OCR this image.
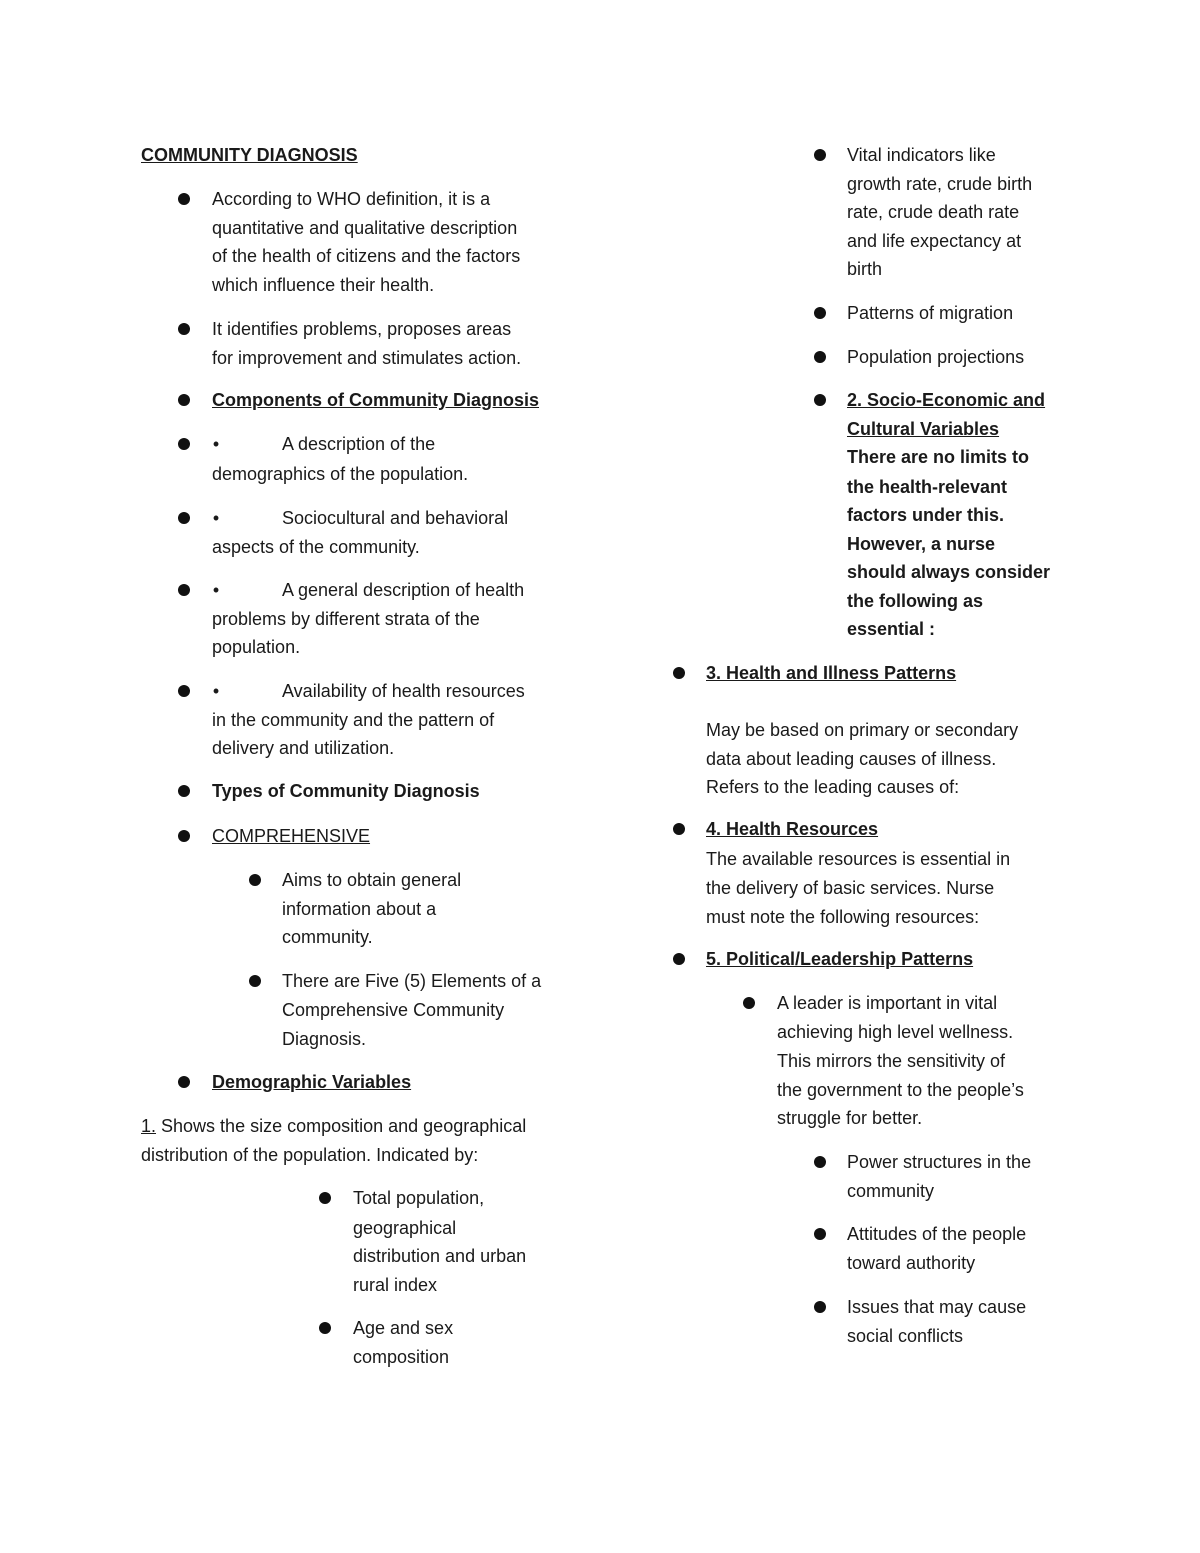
COMMUNITY DIAGNOSIS

According to WHO definition, it is a

quantitative and qualitative description

of the health of citizens and the factors

which influence their health.

It identifies problems, proposes areas

for improvement and stimulates action.

Components of Community Diagnosis

•	A description of the

demographics of the population.

•	Sociocultural and behavioral

aspects of the community.

•	A general description of health

problems by different strata of the

population.

•	Availability of health resources

in the community and the pattern of

delivery and utilization.

Types of Community Diagnosis

COMPREHENSIVE

Aims to obtain general

information about a

community.

There are Five (5) Elements of a

Comprehensive Community

Diagnosis.

Demographic Variables

1. Shows the size composition and geographical

distribution of the population. Indicated by:

Total population,

geographical

distribution and urban

rural index

Age and sex

composition

Vital indicators like

growth rate, crude birth

rate, crude death rate

and life expectancy at

birth

Patterns of migration

Population projections

2. Socio-Economic and

Cultural Variables

There are no limits to

the health-relevant

factors under this.

However, a nurse

should always consider

the following as

essential :

3. Health and Illness Patterns

May be based on primary or secondary

data about leading causes of illness.

Refers to the leading causes of:

4. Health Resources

The available resources is essential in

the delivery of basic services. Nurse

must note the following resources:

5. Political/Leadership Patterns

A leader is important in vital

achieving high level wellness.

This mirrors the sensitivity of

the government to the people’s

struggle for better.

Power structures in the

community

Attitudes of the people

toward authority

Issues that may cause

social conflicts
